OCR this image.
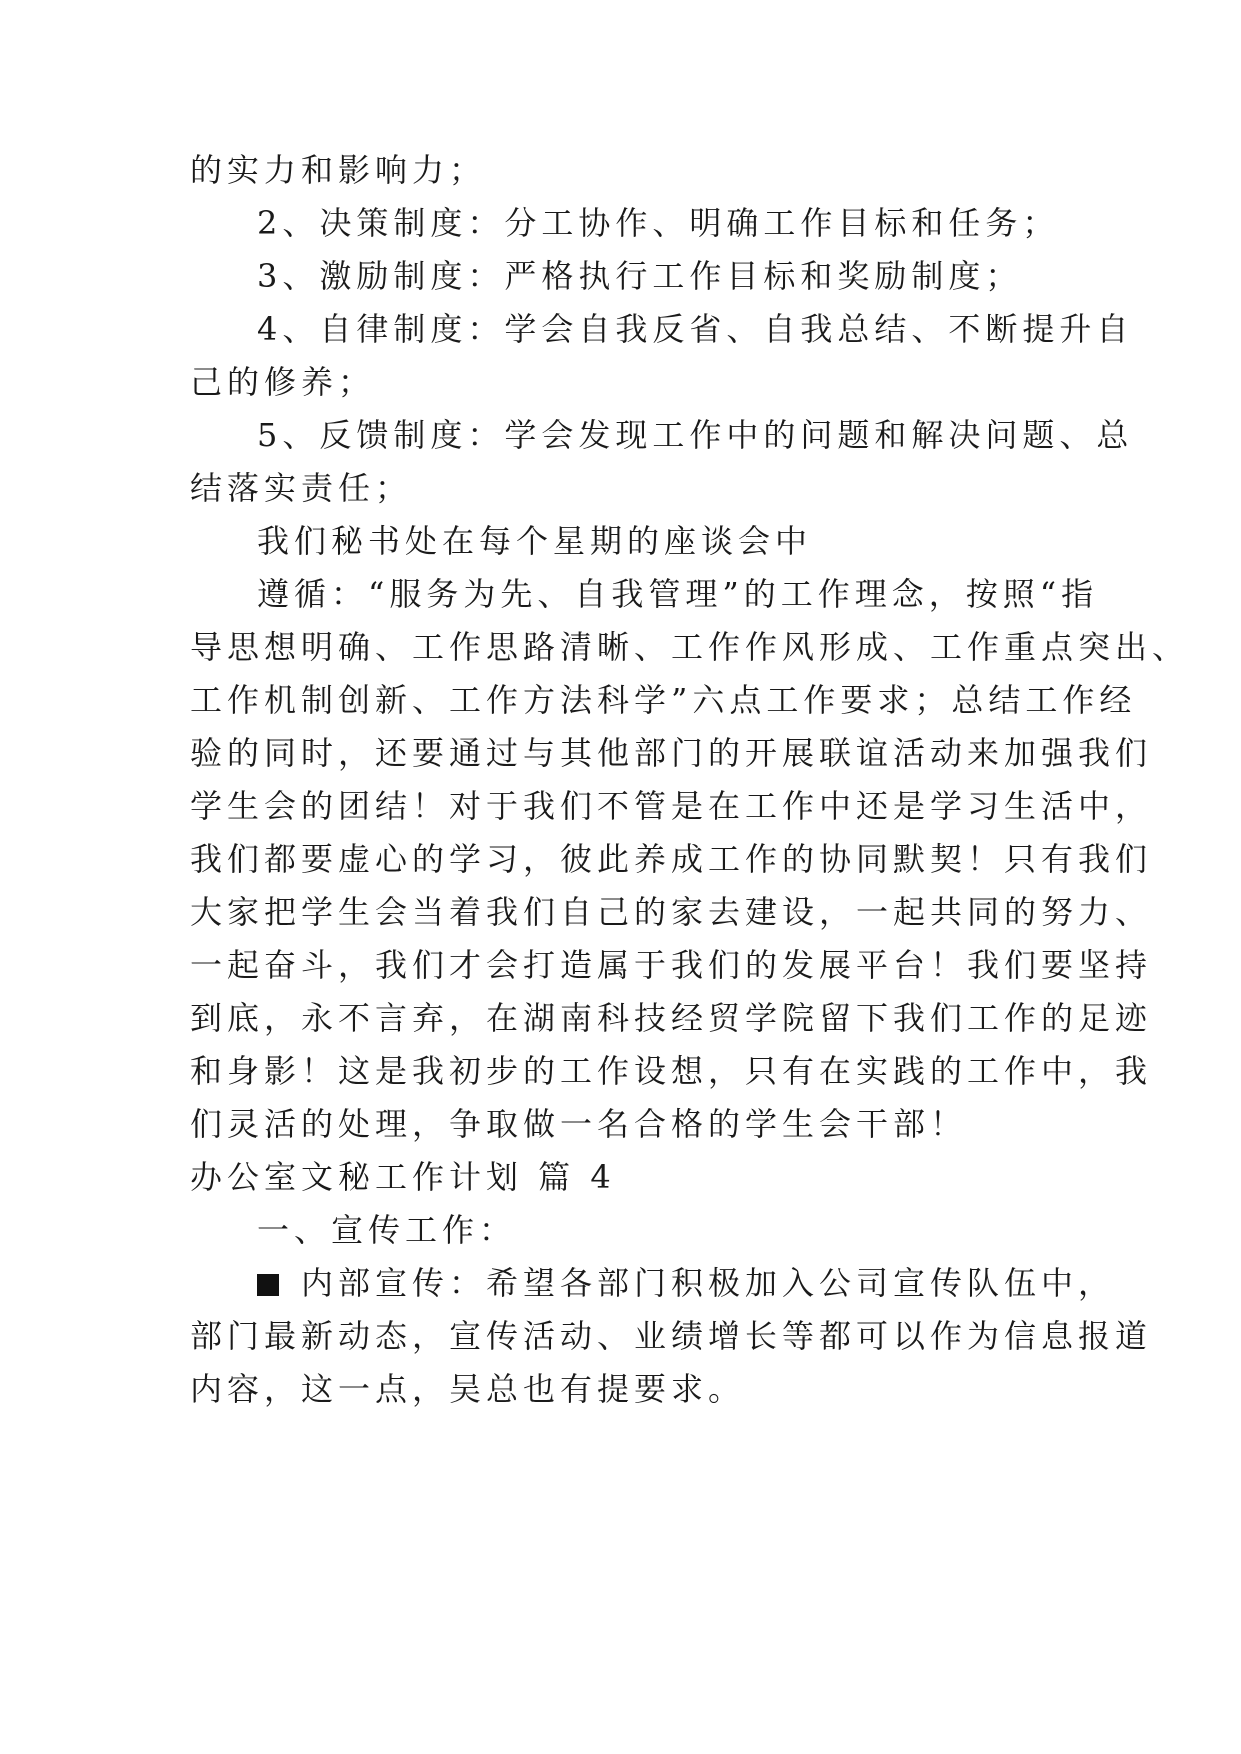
的实力和影响力；
2、决策制度：分工协作、明确工作目标和任务；
3、激励制度：严格执行工作目标和奖励制度；
4、自律制度：学会自我反省、自我总结、不断提升自
己的修养；
5、反馈制度：学会发现工作中的问题和解决问题、总
结落实责任；
我们秘书处在每个星期的座谈会中
遵循：“服务为先、自我管理”的工作理念，按照“指
导思想明确、工作思路清晰、工作作风形成、工作重点突出、
工作机制创新、工作方法科学”六点工作要求；总结工作经
验的同时，还要通过与其他部门的开展联谊活动来加强我们
学生会的团结！对于我们不管是在工作中还是学习生活中，
我们都要虚心的学习，彼此养成工作的协同默契！只有我们
大家把学生会当着我们自己的家去建设，一起共同的努力、
一起奋斗，我们才会打造属于我们的发展平台！我们要坚持
到底，永不言弃，在湖南科技经贸学院留下我们工作的足迹
和身影！这是我初步的工作设想，只有在实践的工作中，我
们灵活的处理，争取做一名合格的学生会干部！
办公室文秘工作计划 篇 4
一、宣传工作：
内部宣传：希望各部门积极加入公司宣传队伍中，
部门最新动态，宣传活动、业绩增长等都可以作为信息报道
内容，这一点，吴总也有提要求。
